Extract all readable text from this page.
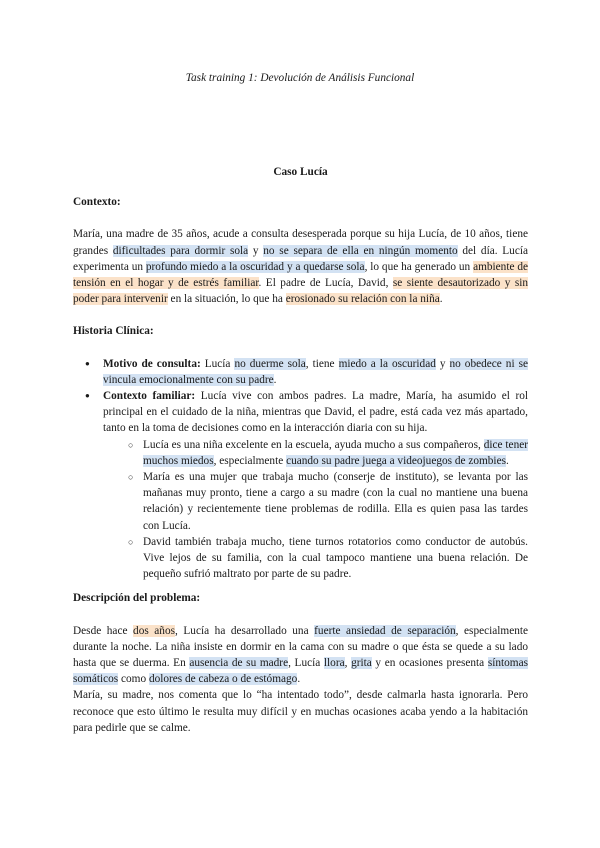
Task training 1: Devolución de Análisis Funcional
Caso Lucía
Contexto:

María, una madre de 35 años, acude a consulta desesperada porque su hija Lucía, de 10 años, tiene grandes dificultades para dormir sola y no se separa de ella en ningún momento del día. Lucía experimenta un profundo miedo a la oscuridad y a quedarse sola, lo que ha generado un ambiente de tensión en el hogar y de estrés familiar. El padre de Lucía, David, se siente desautorizado y sin poder para intervenir en la situación, lo que ha erosionado su relación con la niña.

Historia Clínica:
● Motivo de consulta: Lucía no duerme sola, tiene miedo a la oscuridad y no obedece ni se vincula emocionalmente con su padre.
● Contexto familiar: Lucía vive con ambos padres. La madre, María, ha asumido el rol principal en el cuidado de la niña, mientras que David, el padre, está cada vez más apartado, tanto en la toma de decisiones como en la interacción diaria con su hija.
○ Lucía es una niña excelente en la escuela, ayuda mucho a sus compañeros, dice tener muchos miedos, especialmente cuando su padre juega a videojuegos de zombies.
○ María es una mujer que trabaja mucho (conserje de instituto), se levanta por las mañanas muy pronto, tiene a cargo a su madre (con la cual no mantiene una buena relación) y recientemente tiene problemas de rodilla. Ella es quien pasa las tardes con Lucía.
○ David también trabaja mucho, tiene turnos rotatorios como conductor de autobús. Vive lejos de su familia, con la cual tampoco mantiene una buena relación. De pequeño sufrió maltrato por parte de su padre.
Descripción del problema:

Desde hace dos años, Lucía ha desarrollado una fuerte ansiedad de separación, especialmente durante la noche. La niña insiste en dormir en la cama con su madre o que ésta se quede a su lado hasta que se duerma. En ausencia de su madre, Lucía llora, grita y en ocasiones presenta síntomas somáticos como dolores de cabeza o de estómago.

María, su madre, nos comenta que lo “ha intentado todo”, desde calmarla hasta ignorarla. Pero reconoce que esto último le resulta muy difícil y en muchas ocasiones acaba yendo a la habitación para pedirle que se calme.
